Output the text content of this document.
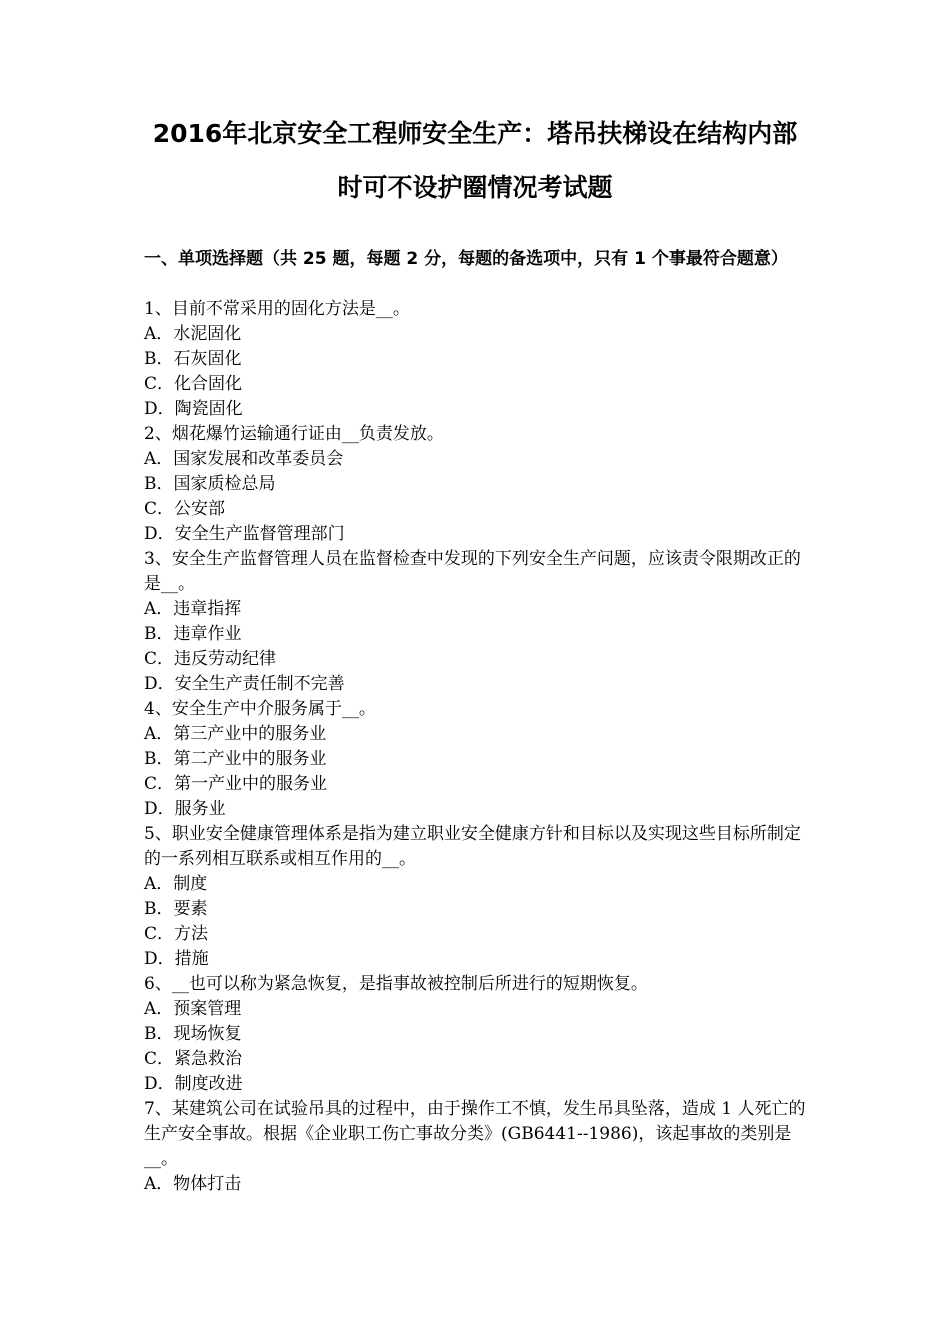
2016年北京安全工程师安全生产：塔吊扶梯设在结构内部
时可不设护圈情况考试题
一、单项选择题（共 25 题，每题 2 分，每题的备选项中，只有 1 个事最符合题意）

1、目前不常采用的固化方法是__。

A．水泥固化

B．石灰固化

C．化合固化

D．陶瓷固化

2、烟花爆竹运输通行证由__负责发放。

A．国家发展和改革委员会

B．国家质检总局

C．公安部

D．安全生产监督管理部门

3、安全生产监督管理人员在监督检查中发现的下列安全生产问题，应该责令限期改正的是__。

A．违章指挥

B．违章作业

C．违反劳动纪律

D．安全生产责任制不完善

4、安全生产中介服务属于__。

A．第三产业中的服务业

B．第二产业中的服务业

C．第一产业中的服务业

D．服务业

5、职业安全健康管理体系是指为建立职业安全健康方针和目标以及实现这些目标所制定的一系列相互联系或相互作用的__。

A．制度

B．要素

C．方法

D．措施

6、__也可以称为紧急恢复，是指事故被控制后所进行的短期恢复。

A．预案管理

B．现场恢复

C．紧急救治

D．制度改进

7、某建筑公司在试验吊具的过程中，由于操作工不慎，发生吊具坠落，造成 1 人死亡的生产安全事故。根据《企业职工伤亡事故分类》(GB6441--1986)，该起事故的类别是__。

A．物体打击
